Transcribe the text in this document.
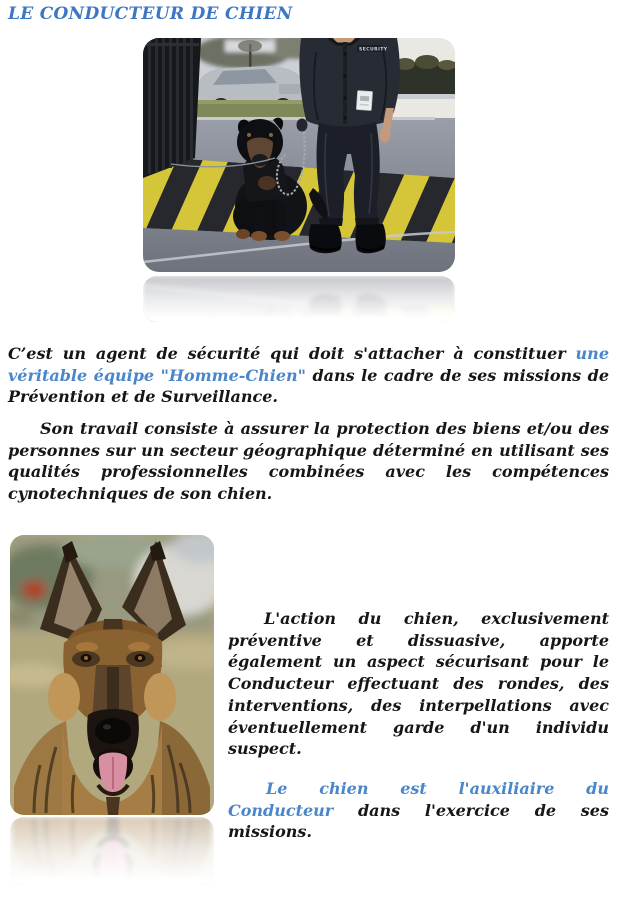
LE CONDUCTEUR DE CHIEN

C’est un agent de sécurité qui doit s'attacher à constituer une véritable équipe "Homme-Chien" dans le cadre de ses missions de Prévention et de Surveillance.

Son travail consiste à assurer la protection des biens et/ou des personnes sur un secteur géographique déterminé en utilisant ses qualités professionnelles combinées avec les compétences cynotechniques de son chien.

L'action du chien, exclusivement préventive et dissuasive, apporte également un aspect sécurisant pour le Conducteur effectuant des rondes, des interventions, des interpellations avec éventuellement garde d'un individu suspect.

Le chien est l'auxiliaire du Conducteur dans l'exercice de ses missions.
